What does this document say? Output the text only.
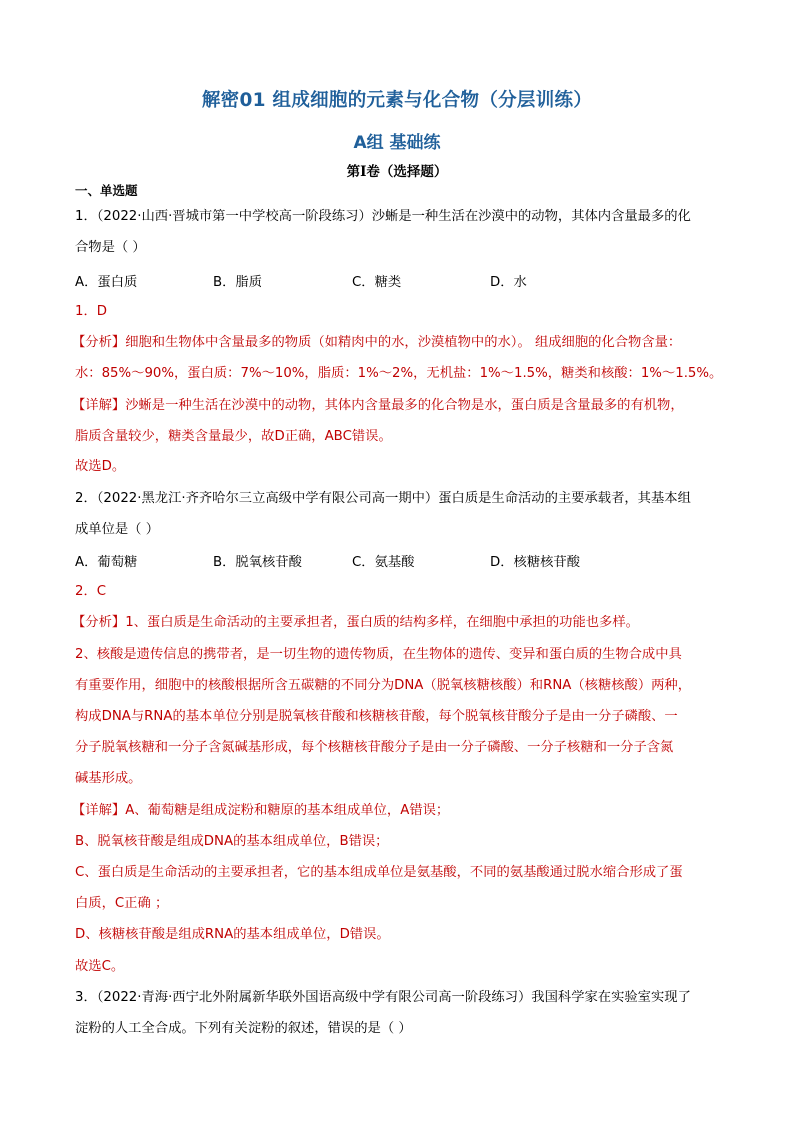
解密01 组成细胞的元素与化合物（分层训练）
A组 基础练
第Ⅰ卷（选择题）
一、单选题
1．（2022·山西·晋城市第一中学校高一阶段练习）沙蜥是一种生活在沙漠中的动物，其体内含量最多的化
合物是（ ）
A．蛋白质	B．脂质	C．糖类	D．水
1．D
【分析】细胞和生物体中含量最多的物质（如精肉中的水，沙漠植物中的水）。 组成细胞的化合物含量：
水：85%～90%，蛋白质：7%～10%，脂质：1%～2%，无机盐：1%～1.5%，糖类和核酸：1%～1.5%。
【详解】沙蜥是一种生活在沙漠中的动物，其体内含量最多的化合物是水，蛋白质是含量最多的有机物，
脂质含量较少，糖类含量最少，故D正确，ABC错误。
故选D。
2．（2022·黑龙江·齐齐哈尔三立高级中学有限公司高一期中）蛋白质是生命活动的主要承载者，其基本组
成单位是（ ）
A．葡萄糖	B．脱氧核苷酸	C．氨基酸	D．核糖核苷酸
2．C
【分析】1、蛋白质是生命活动的主要承担者，蛋白质的结构多样，在细胞中承担的功能也多样。
2、核酸是遗传信息的携带者，是一切生物的遗传物质，在生物体的遗传、变异和蛋白质的生物合成中具
有重要作用，细胞中的核酸根据所含五碳糖的不同分为DNA（脱氧核糖核酸）和RNA（核糖核酸）两种，
构成DNA与RNA的基本单位分别是脱氧核苷酸和核糖核苷酸，每个脱氧核苷酸分子是由一分子磷酸、一
分子脱氧核糖和一分子含氮碱基形成，每个核糖核苷酸分子是由一分子磷酸、一分子核糖和一分子含氮
碱基形成。
【详解】A、葡萄糖是组成淀粉和糖原的基本组成单位，A错误；
B、脱氧核苷酸是组成DNA的基本组成单位，B错误；
C、蛋白质是生命活动的主要承担者，它的基本组成单位是氨基酸，不同的氨基酸通过脱水缩合形成了蛋
白质，C正确 ；
D、核糖核苷酸是组成RNA的基本组成单位，D错误。
故选C。
3．（2022·青海·西宁北外附属新华联外国语高级中学有限公司高一阶段练习）我国科学家在实验室实现了
淀粉的人工全合成。下列有关淀粉的叙述，错误的是（ ）
